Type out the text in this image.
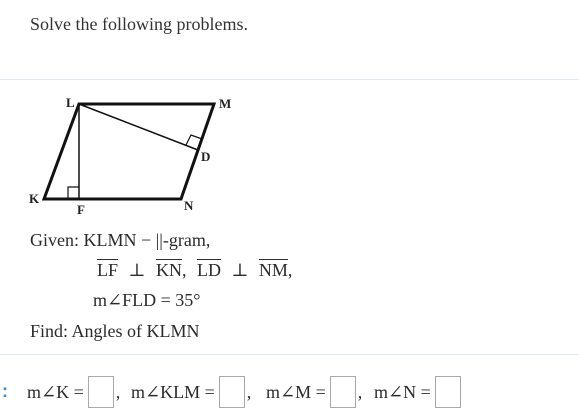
Solve the following problems.
L	M
D
K
F	N
Given: KLMN − ||-gram,
$\overline{LF}$ ⊥ $\overline{KN}$, $\overline{LD}$ ⊥ $\overline{NM}$,
m∠FLD = 35°
Find: Angles of KLMN
: m∠K = , m∠KLM = , m∠M = , m∠N =
